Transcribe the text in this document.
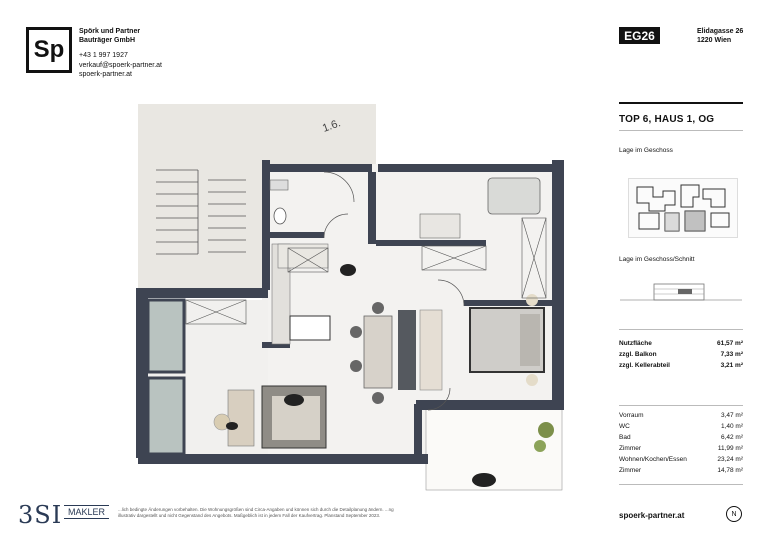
Sp
Spörk und Partner
Bauträger GmbH
+43 1 997 1927
verkauf@spoerk-partner.at
spoerk-partner.at
EG26	Elidagasse 26
1220 Wien
TOP 6, HAUS 1, OG
Lage im Geschoss
Lage im Geschoss/Schnitt
Nutzfläche	61,57 m²
zzgl. Balkon	7,33 m²
zzgl. Kellerabteil	3,21 m²
Vorraum	3,47 m²
WC	1,40 m²
Bad	6,42 m²
Zimmer	11,99 m²
Wohnen/Kochen/Essen	23,24 m²
Zimmer	14,78 m²
1.6.
3SI MAKLER	...lich bedingte Änderungen vorbehalten. Die Wohnungsgrößen sind Circa-Angaben und können sich durch die Detailplanung ändern. ...ng illustrativ dargestellt und nicht Gegenstand des Angebots. Maßgeblich ist in jedem Fall der Kaufvertrag. Planstand September 2023.	spoerk-partner.at	N
